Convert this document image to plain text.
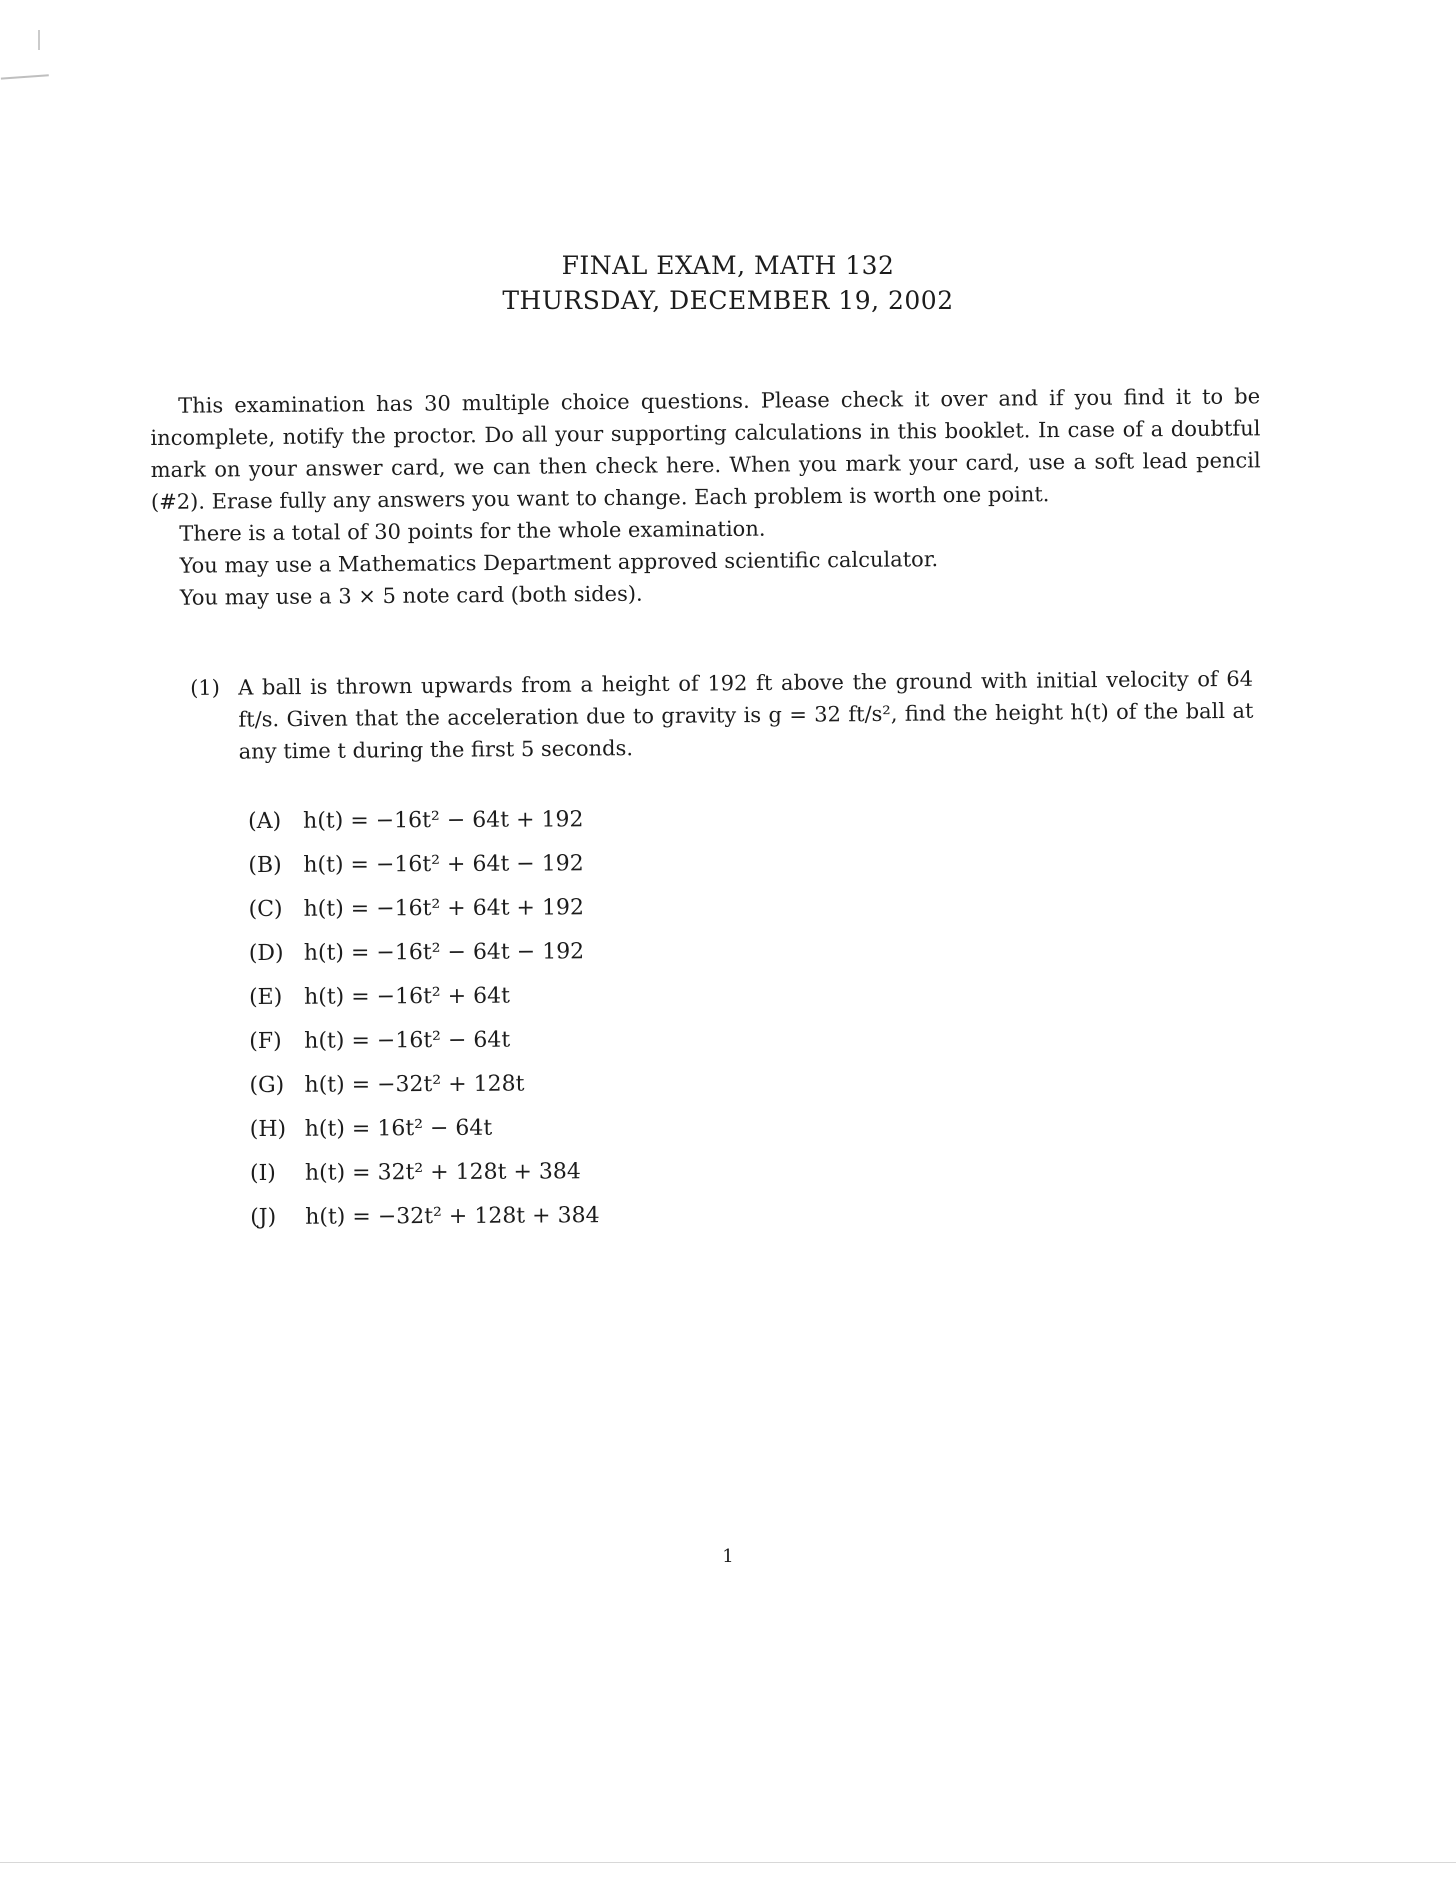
FINAL EXAM, MATH 132
THURSDAY, DECEMBER 19, 2002

This examination has 30 multiple choice questions. Please check it over and if you find it to be incomplete, notify the proctor. Do all your supporting calculations in this booklet. In case of a doubtful mark on your answer card, we can then check here. When you mark your card, use a soft lead pencil (#2). Erase fully any answers you want to change. Each problem is worth one point.

There is a total of 30 points for the whole examination.
You may use a Mathematics Department approved scientific calculator.
You may use a 3 × 5 note card (both sides).
(1) A ball is thrown upwards from a height of 192 ft above the ground with initial velocity of 64 ft/s. Given that the acceleration due to gravity is g = 32 ft/s², find the height h(t) of the ball at any time t during the first 5 seconds.
(A) h(t) = −16t² − 64t + 192
(B) h(t) = −16t² + 64t − 192
(C) h(t) = −16t² + 64t + 192
(D) h(t) = −16t² − 64t − 192
(E) h(t) = −16t² + 64t
(F) h(t) = −16t² − 64t
(G) h(t) = −32t² + 128t
(H) h(t) = 16t² − 64t
(I) h(t) = 32t² + 128t + 384
(J) h(t) = −32t² + 128t + 384
1
